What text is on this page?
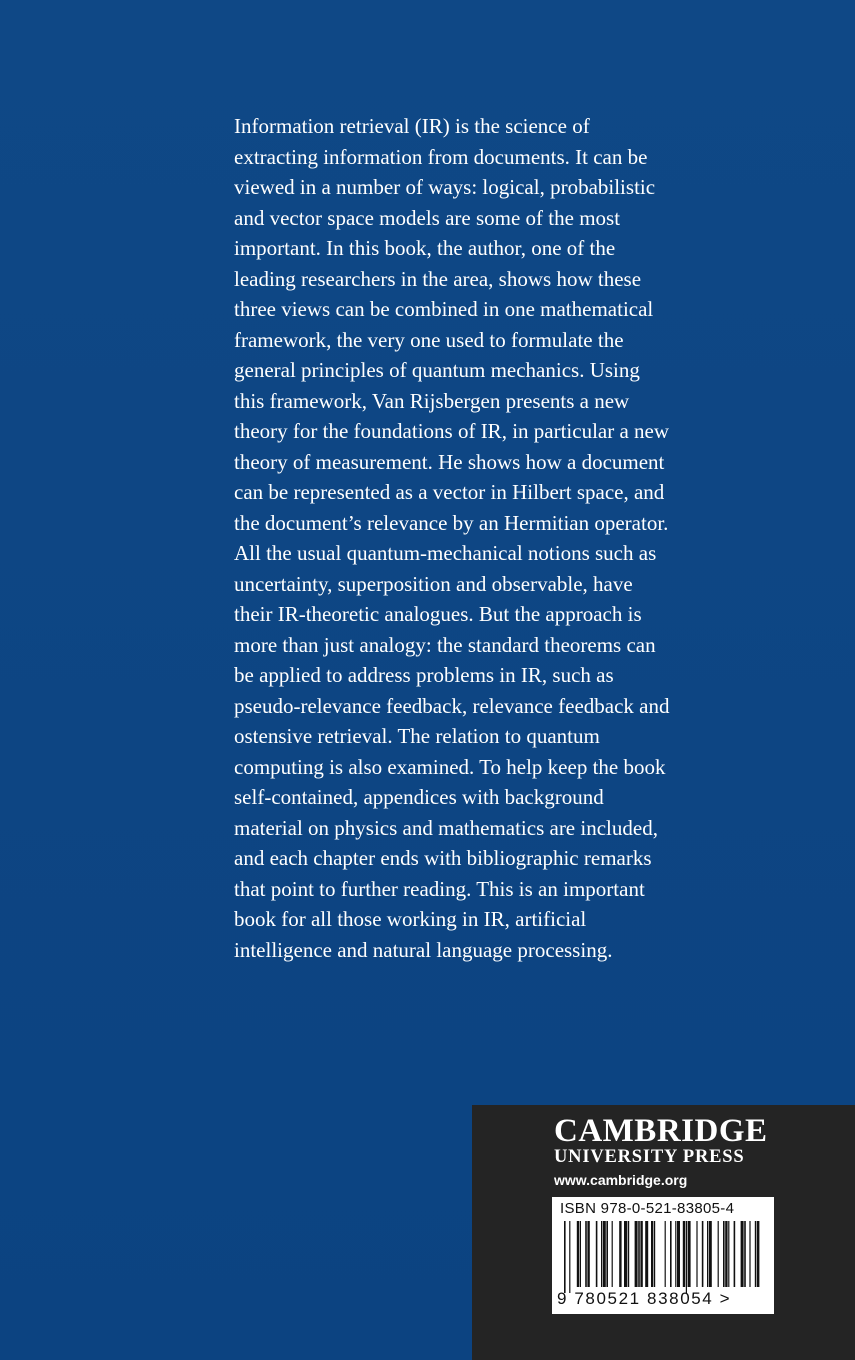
Information retrieval (IR) is the science of
extracting information from documents. It can be
viewed in a number of ways: logical, probabilistic
and vector space models are some of the most
important. In this book, the author, one of the
leading researchers in the area, shows how these
three views can be combined in one mathematical
framework, the very one used to formulate the
general principles of quantum mechanics. Using
this framework, Van Rijsbergen presents a new
theory for the foundations of IR, in particular a new
theory of measurement. He shows how a document
can be represented as a vector in Hilbert space, and
the document’s relevance by an Hermitian operator.
All the usual quantum-mechanical notions such as
uncertainty, superposition and observable, have
their IR-theoretic analogues. But the approach is
more than just analogy: the standard theorems can
be applied to address problems in IR, such as
pseudo-relevance feedback, relevance feedback and
ostensive retrieval. The relation to quantum
computing is also examined. To help keep the book
self-contained, appendices with background
material on physics and mathematics are included,
and each chapter ends with bibliographic remarks
that point to further reading. This is an important
book for all those working in IR, artificial
intelligence and natural language processing.
CAMBRIDGE
UNIVERSITY PRESS
www.cambridge.org
ISBN 978-0-521-83805-4
9 780521 838054 >
